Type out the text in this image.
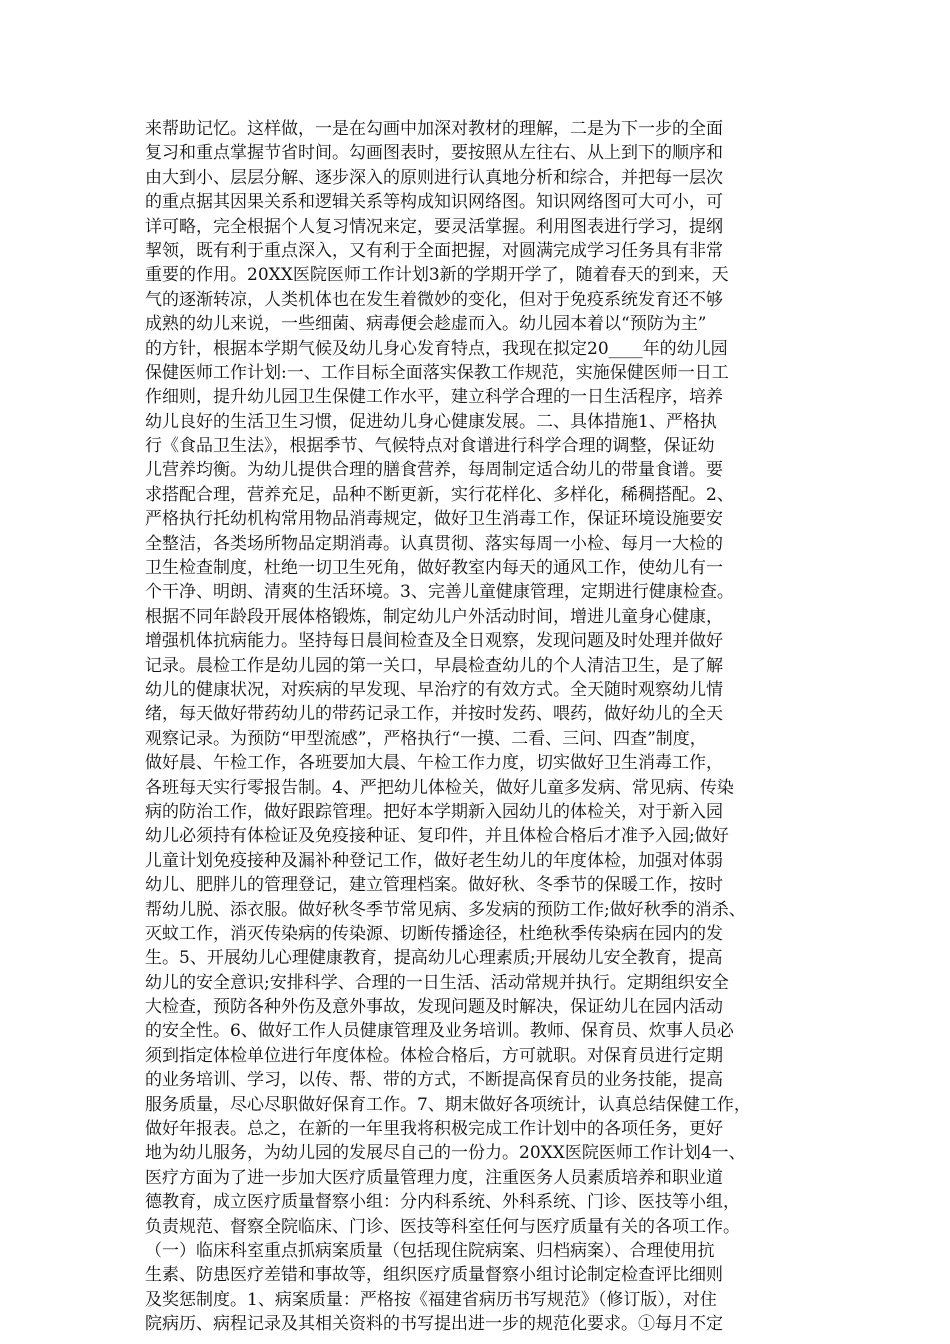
来帮助记忆。这样做，一是在勾画中加深对教材的理解，二是为下一步的全面
复习和重点掌握节省时间。勾画图表时，要按照从左往右、从上到下的顺序和
由大到小、层层分解、逐步深入的原则进行认真地分析和综合，并把每一层次
的重点据其因果关系和逻辑关系等构成知识网络图。知识网络图可大可小，可
详可略，完全根据个人复习情况来定，要灵活掌握。利用图表进行学习，提纲
挈领，既有利于重点深入，又有利于全面把握，对圆满完成学习任务具有非常
重要的作用。20XX医院医师工作计划3新的学期开学了，随着春天的到来，天
气的逐渐转凉，人类机体也在发生着微妙的变化，但对于免疫系统发育还不够
成熟的幼儿来说，一些细菌、病毒便会趁虚而入。幼儿园本着以“预防为主”
的方针，根据本学期气候及幼儿身心发育特点，我现在拟定20____年的幼儿园
保健医师工作计划:一、工作目标全面落实保教工作规范，实施保健医师一日工
作细则，提升幼儿园卫生保健工作水平，建立科学合理的一日生活程序，培养
幼儿良好的生活卫生习惯，促进幼儿身心健康发展。二、具体措施1、严格执
行《食品卫生法》，根据季节、气候特点对食谱进行科学合理的调整，保证幼
儿营养均衡。为幼儿提供合理的膳食营养，每周制定适合幼儿的带量食谱。要
求搭配合理，营养充足，品种不断更新，实行花样化、多样化，稀稠搭配。2、
严格执行托幼机构常用物品消毒规定，做好卫生消毒工作，保证环境设施要安
全整洁，各类场所物品定期消毒。认真贯彻、落实每周一小检、每月一大检的
卫生检查制度，杜绝一切卫生死角，做好教室内每天的通风工作，使幼儿有一
个干净、明朗、清爽的生活环境。3、完善儿童健康管理，定期进行健康检查。
根据不同年龄段开展体格锻炼，制定幼儿户外活动时间，增进儿童身心健康，
增强机体抗病能力。坚持每日晨间检查及全日观察，发现问题及时处理并做好
记录。晨检工作是幼儿园的第一关口，早晨检查幼儿的个人清洁卫生，是了解
幼儿的健康状况，对疾病的早发现、早治疗的有效方式。全天随时观察幼儿情
绪，每天做好带药幼儿的带药记录工作，并按时发药、喂药，做好幼儿的全天
观察记录。为预防“甲型流感”，严格执行“一摸、二看、三问、四查”制度，
做好晨、午检工作，各班要加大晨、午检工作力度，切实做好卫生消毒工作，
各班每天实行零报告制。4、严把幼儿体检关，做好儿童多发病、常见病、传染
病的防治工作，做好跟踪管理。把好本学期新入园幼儿的体检关，对于新入园
幼儿必须持有体检证及免疫接种证、复印件，并且体检合格后才准予入园;做好
儿童计划免疫接种及漏补种登记工作，做好老生幼儿的年度体检，加强对体弱
幼儿、肥胖儿的管理登记，建立管理档案。做好秋、冬季节的保暖工作，按时
帮幼儿脱、添衣服。做好秋冬季节常见病、多发病的预防工作;做好秋季的消杀、
灭蚊工作，消灭传染病的传染源、切断传播途径，杜绝秋季传染病在园内的发
生。5、开展幼儿心理健康教育，提高幼儿心理素质;开展幼儿安全教育，提高
幼儿的安全意识;安排科学、合理的一日生活、活动常规并执行。定期组织安全
大检查，预防各种外伤及意外事故，发现问题及时解决，保证幼儿在园内活动
的安全性。6、做好工作人员健康管理及业务培训。教师、保育员、炊事人员必
须到指定体检单位进行年度体检。体检合格后，方可就职。对保育员进行定期
的业务培训、学习，以传、帮、带的方式，不断提高保育员的业务技能，提高
服务质量，尽心尽职做好保育工作。7、期末做好各项统计，认真总结保健工作，
做好年报表。总之，在新的一年里我将积极完成工作计划中的各项任务，更好
地为幼儿服务，为幼儿园的发展尽自己的一份力。20XX医院医师工作计划4一、
医疗方面为了进一步加大医疗质量管理力度，注重医务人员素质培养和职业道
德教育，成立医疗质量督察小组：分内科系统、外科系统、门诊、医技等小组，
负责规范、督察全院临床、门诊、医技等科室任何与医疗质量有关的各项工作。
（一）临床科室重点抓病案质量（包括现住院病案、归档病案）、合理使用抗
生素、防患医疗差错和事故等，组织医疗质量督察小组讨论制定检查评比细则
及奖惩制度。1、病案质量：严格按《福建省病历书写规范》（修订版），对住
院病历、病程记录及其相关资料的书写提出进一步的规范化要求。①每月不定
